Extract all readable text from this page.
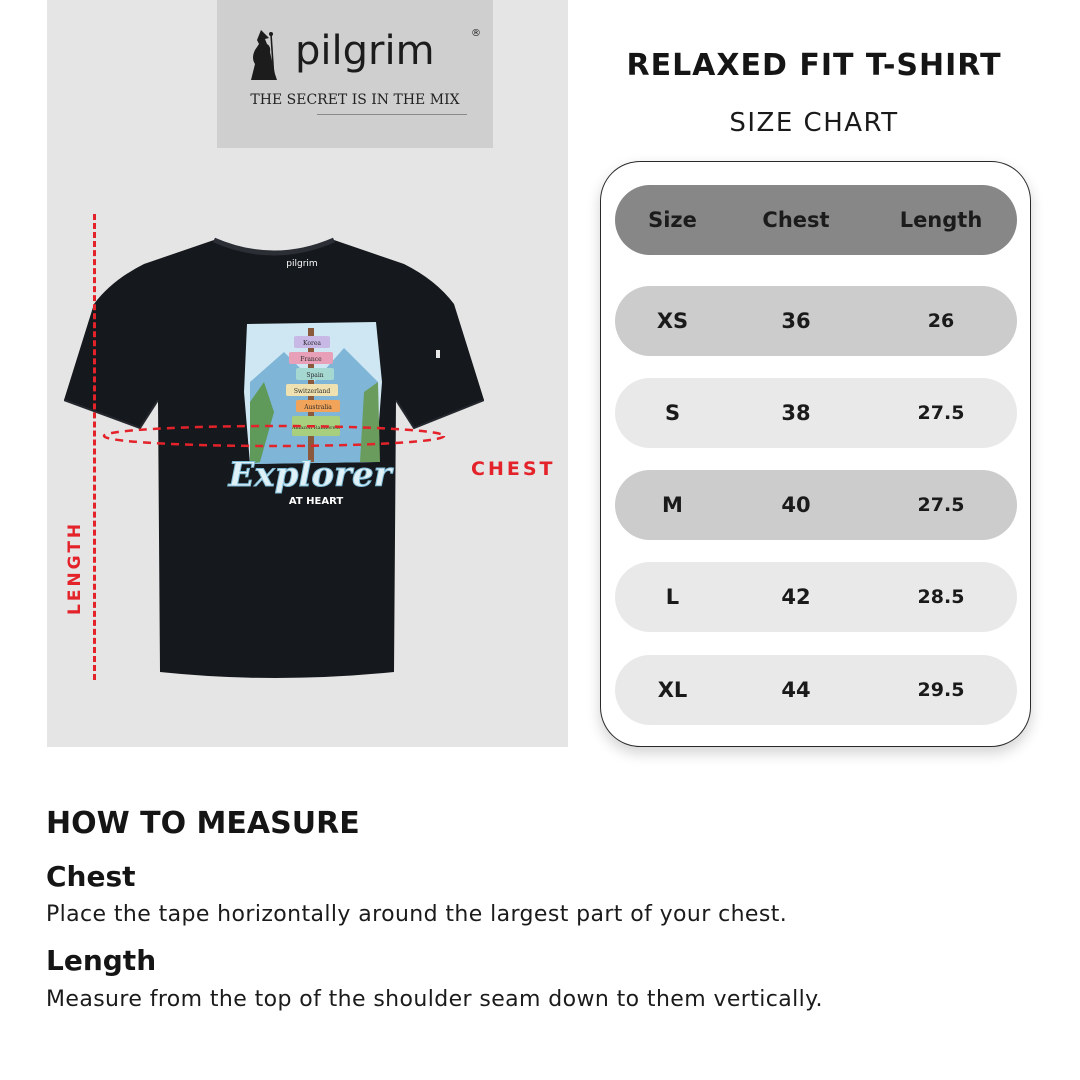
pilgrim	®
THE SECRET IS IN THE MIX
pilgrim
Korea
France
Spain
Switzerland
Australia
Amazon Rainforest
Explorer
AT HEART
LENGTH
CHEST
RELAXED FIT T-SHIRT
SIZE CHART
Size	Chest	Length
XS	36	26
S	38	27.5
M	40	27.5
L	42	28.5
XL	44	29.5
HOW TO MEASURE
Chest
Place the tape horizontally around the largest part of your chest.
Length
Measure from the top of the shoulder seam down to them vertically.
